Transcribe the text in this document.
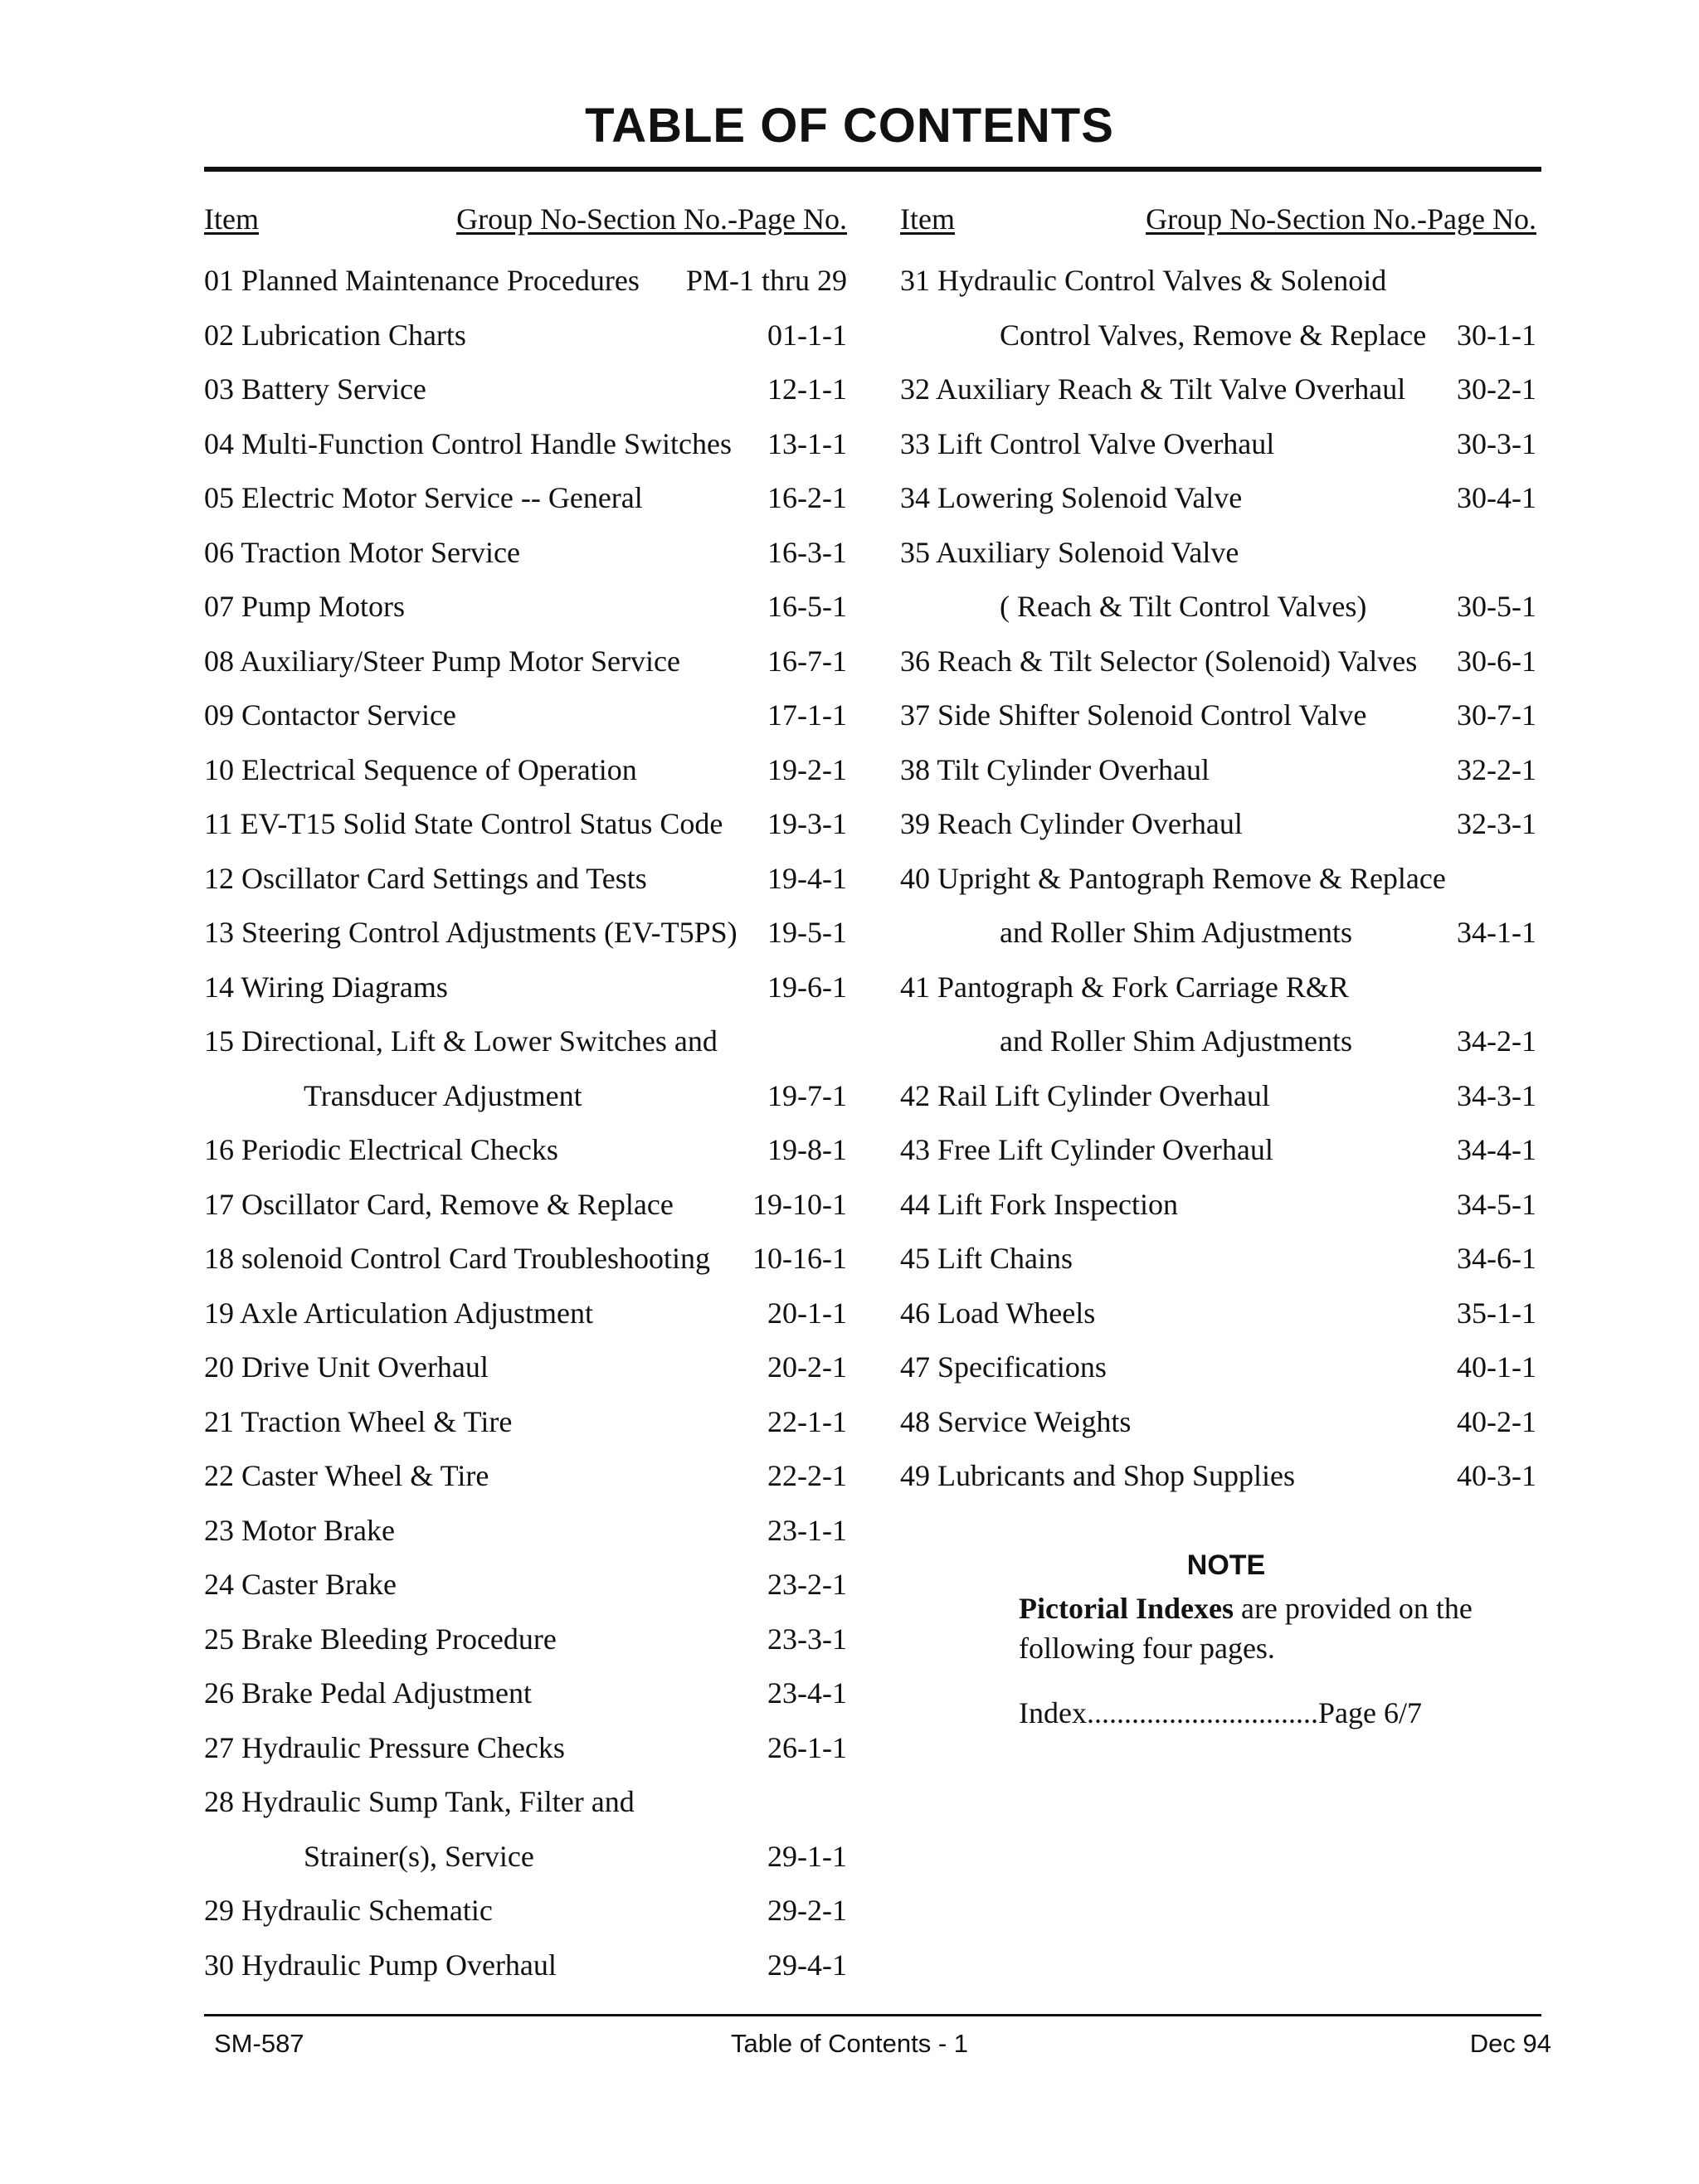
TABLE OF CONTENTS
Item	Group No-Section No.-Page No.
01 Planned Maintenance Procedures PM-1 thru 29
02 Lubrication Charts	01-1-1
03 Battery Service	12-1-1
04 Multi-Function Control Handle Switches 13-1-1
05 Electric Motor Service -- General	16-2-1
06 Traction Motor Service	16-3-1
07 Pump Motors	16-5-1
08 Auxiliary/Steer Pump Motor Service	16-7-1
09 Contactor Service	17-1-1
10 Electrical Sequence of Operation	19-2-1
11 EV-T15 Solid State Control Status Code 19-3-1
12 Oscillator Card Settings and Tests	19-4-1
13 Steering Control Adjustments (EV-T5PS) 19-5-1
14 Wiring Diagrams	19-6-1
15 Directional, Lift & Lower Switches and
Transducer Adjustment	19-7-1
16 Periodic Electrical Checks	19-8-1
17 Oscillator Card, Remove & Replace	19-10-1
18 solenoid Control Card Troubleshooting 10-16-1
19 Axle Articulation Adjustment	20-1-1
20 Drive Unit Overhaul	20-2-1
21 Traction Wheel & Tire	22-1-1
22 Caster Wheel & Tire	22-2-1
23 Motor Brake	23-1-1
24 Caster Brake	23-2-1
25 Brake Bleeding Procedure	23-3-1
26 Brake Pedal Adjustment	23-4-1
27 Hydraulic Pressure Checks	26-1-1
28 Hydraulic Sump Tank, Filter and
Strainer(s), Service	29-1-1
29 Hydraulic Schematic	29-2-1
30 Hydraulic Pump Overhaul	29-4-1
Item	Group No-Section No.-Page No.
31 Hydraulic Control Valves & Solenoid
Control Valves, Remove & Replace 30-1-1
32 Auxiliary Reach & Tilt Valve Overhaul 30-2-1
33 Lift Control Valve Overhaul	30-3-1
34 Lowering Solenoid Valve	30-4-1
35 Auxiliary Solenoid Valve
( Reach & Tilt Control Valves)	30-5-1
36 Reach & Tilt Selector (Solenoid) Valves 30-6-1
37 Side Shifter Solenoid Control Valve	30-7-1
38 Tilt Cylinder Overhaul	32-2-1
39 Reach Cylinder Overhaul	32-3-1
40 Upright & Pantograph Remove & Replace
and Roller Shim Adjustments	34-1-1
41 Pantograph & Fork Carriage R&R
and Roller Shim Adjustments	34-2-1
42 Rail Lift Cylinder Overhaul	34-3-1
43 Free Lift Cylinder Overhaul	34-4-1
44 Lift Fork Inspection	34-5-1
45 Lift Chains	34-6-1
46 Load Wheels	35-1-1
47 Specifications	40-1-1
48 Service Weights	40-2-1
49 Lubricants and Shop Supplies	40-3-1
NOTE
Pictorial Indexes are provided on the following four pages.
Index...............................Page 6/7
SM-587	Table of Contents - 1	Dec 94
